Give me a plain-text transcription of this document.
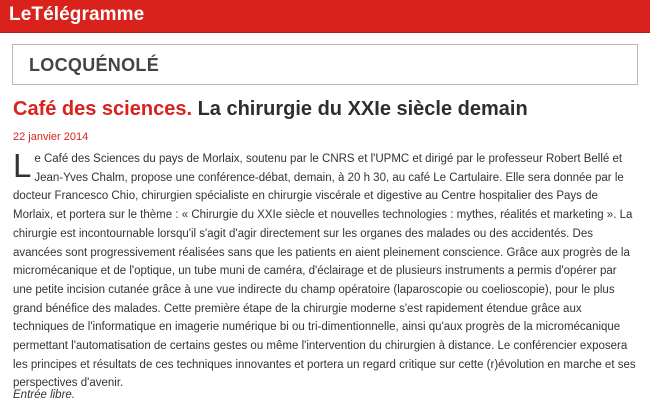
LeTélégramme
LOCQUÉNOLÉ
Café des sciences. La chirurgie du XXIe siècle demain
22 janvier 2014

Le Café des Sciences du pays de Morlaix, soutenu par le CNRS et l'UPMC et dirigé par le professeur Robert Bellé et Jean-Yves Chalm, propose une conférence-débat, demain, à 20 h 30, au café Le Cartulaire. Elle sera donnée par le docteur Francesco Chio, chirurgien spécialiste en chirurgie viscérale et digestive au Centre hospitalier des Pays de Morlaix, et portera sur le thème : « Chirurgie du XXIe siècle et nouvelles technologies : mythes, réalités et marketing ». La chirurgie est incontournable lorsqu'il s'agit d'agir directement sur les organes des malades ou des accidentés. Des avancées sont progressivement réalisées sans que les patients en aient pleinement conscience. Grâce aux progrès de la micromécanique et de l'optique, un tube muni de caméra, d'éclairage et de plusieurs instruments a permis d'opérer par une petite incision cutanée grâce à une vue indirecte du champ opératoire (laparoscopie ou coelioscopie), pour le plus grand bénéfice des malades. Cette première étape de la chirurgie moderne s'est rapidement étendue grâce aux techniques de l'informatique en imagerie numérique bi ou tri-dimentionnelle, ainsi qu'aux progrès de la micromécanique permettant l'automatisation de certains gestes ou même l'intervention du chirurgien à distance. Le conférencier exposera les principes et résultats de ces techniques innovantes et portera un regard critique sur cette (r)évolution en marche et ses perspectives d'avenir.

Entrée libre.
